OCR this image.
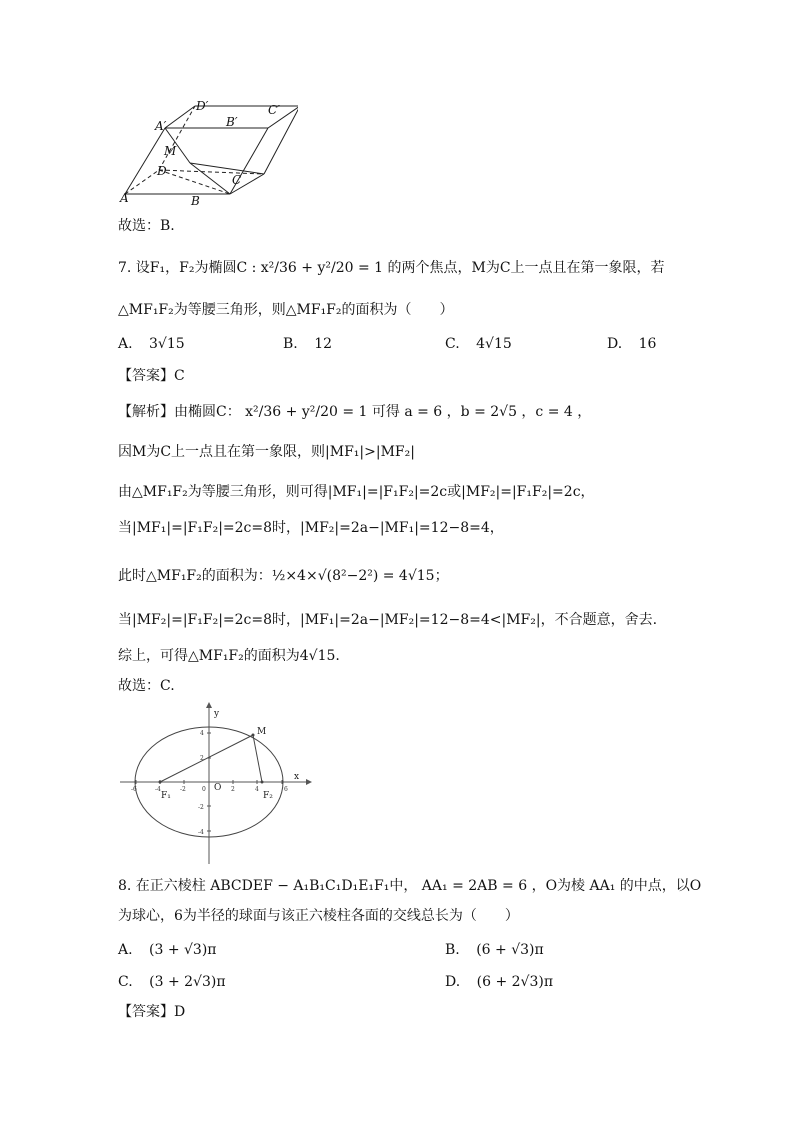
A′	B′
C′
D′
A	B
C
D
M
故选：B.
7. 设F₁，F₂为椭圆C : x²/36 + y²/20 = 1 的两个焦点，M为C上一点且在第一象限，若
△MF₁F₂为等腰三角形，则△MF₁F₂的面积为（　　）
A. 3√15	B. 12	C. 4√15	D. 16
【答案】C
【解析】由椭圆C： x²/36 + y²/20 = 1 可得 a = 6 ，b = 2√5 ，c = 4 ，
因M为C上一点且在第一象限，则|MF₁|>|MF₂|
由△MF₁F₂为等腰三角形，则可得|MF₁|=|F₁F₂|=2c或|MF₂|=|F₁F₂|=2c，
当|MF₁|=|F₁F₂|=2c=8时，|MF₂|=2a−|MF₁|=12−8=4，
此时△MF₁F₂的面积为：½×4×√(8²−2²) = 4√15；
当|MF₂|=|F₁F₂|=2c=8时，|MF₁|=2a−|MF₂|=12−8=4<|MF₂|，不合题意，舍去.
综上，可得△MF₁F₂的面积为4√15.
故选：C.
-6	-4	-2	0	2	4	6
4
2
-2
-4
x
y
O
M
F₁	F₂
8. 在正六棱柱 ABCDEF − A₁B₁C₁D₁E₁F₁中， AA₁ = 2AB = 6 ，O为棱 AA₁ 的中点，以O
为球心，6为半径的球面与该正六棱柱各面的交线总长为（　　）
A. (3 + √3)π	B. (6 + √3)π
C. (3 + 2√3)π	D. (6 + 2√3)π
【答案】D
